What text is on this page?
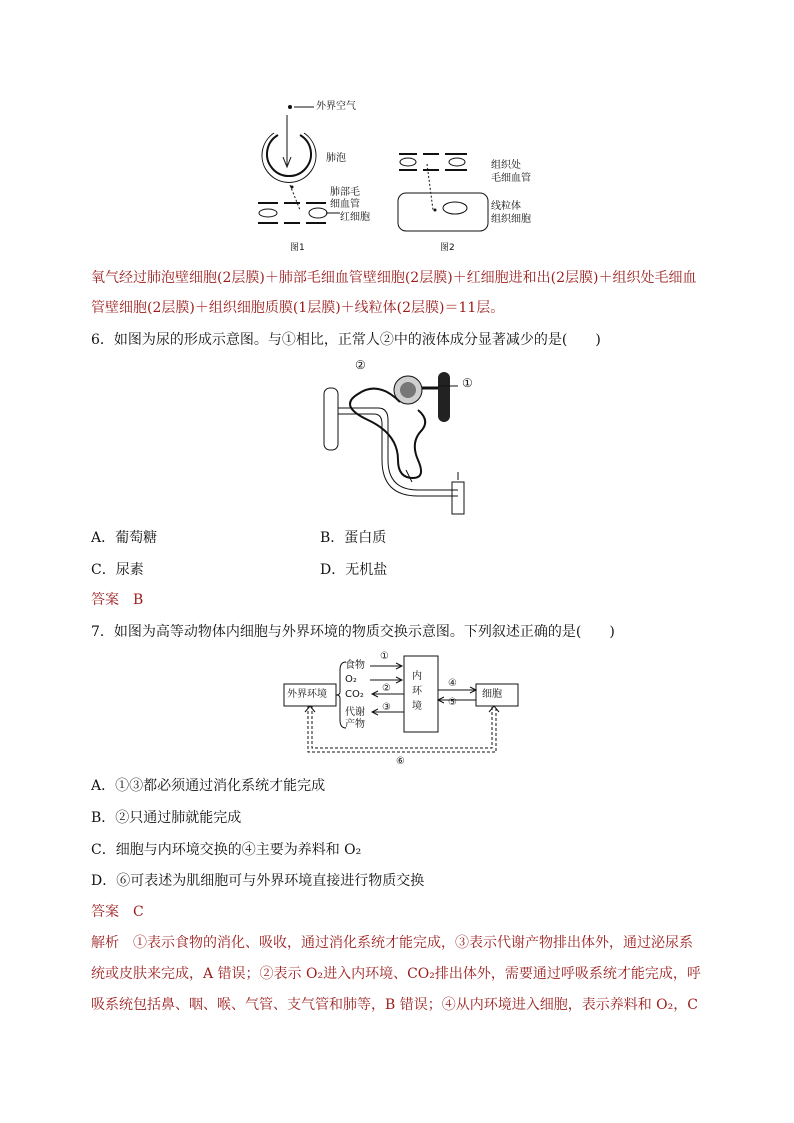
外界空气
肺泡
肺部毛
细血管
红细胞
图1
组织处
毛细血管
线粒体
组织细胞
图2
氧气经过肺泡壁细胞(2层膜)＋肺部毛细血管壁细胞(2层膜)＋红细胞进和出(2层膜)＋组织处毛细血
管壁细胞(2层膜)＋组织细胞质膜(1层膜)＋线粒体(2层膜)＝11层。
6．如图为尿的形成示意图。与①相比，正常人②中的液体成分显著减少的是(　　)
②
①
A．葡萄糖	B．蛋白质
C．尿素	D．无机盐
答案　B
7．如图为高等动物体内细胞与外界环境的物质交换示意图。下列叙述正确的是(　　)
外界环境
内
环
境
细胞
食物
O₂
CO₂
代谢
产物
①
②
③
④
⑤
⑥
A．①③都必须通过消化系统才能完成
B．②只通过肺就能完成
C．细胞与内环境交换的④主要为养料和 O₂
D．⑥可表述为肌细胞可与外界环境直接进行物质交换
答案　C
解析　①表示食物的消化、吸收，通过消化系统才能完成，③表示代谢产物排出体外，通过泌尿系
统或皮肤来完成，A 错误；②表示 O₂进入内环境、CO₂排出体外，需要通过呼吸系统才能完成，呼
吸系统包括鼻、咽、喉、气管、支气管和肺等，B 错误；④从内环境进入细胞，表示养料和 O₂，C
